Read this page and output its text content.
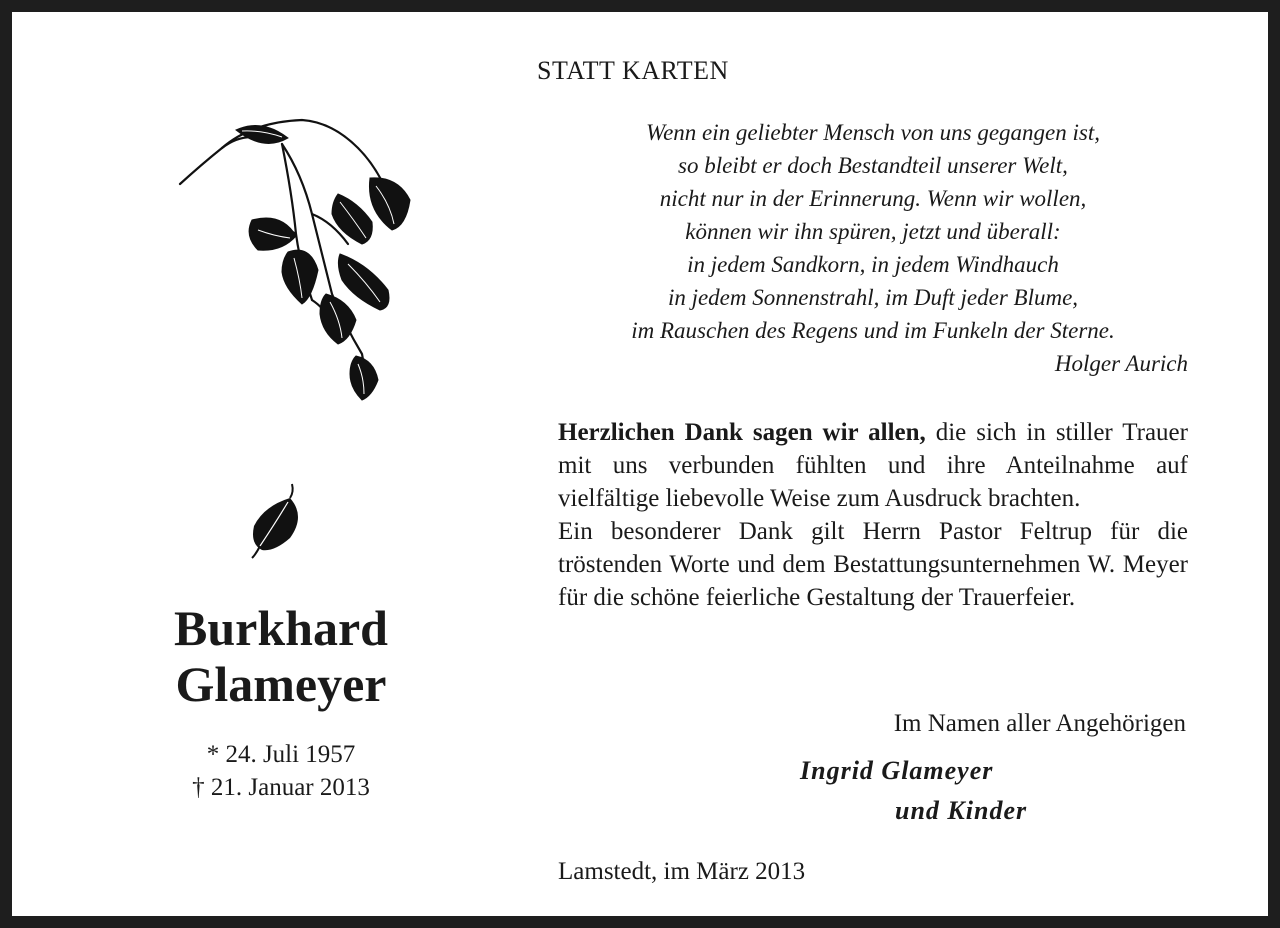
STATT KARTEN
Wenn ein geliebter Mensch von uns gegangen ist,
so bleibt er doch Bestandteil unserer Welt,
nicht nur in der Erinnerung. Wenn wir wollen,
können wir ihn spüren, jetzt und überall:
in jedem Sandkorn, in jedem Windhauch
in jedem Sonnenstrahl, im Duft jeder Blume,
im Rauschen des Regens und im Funkeln der Sterne.
Holger Aurich

Herzlichen Dank sagen wir allen, die sich in stiller Trauer mit uns verbunden fühlten und ihre Anteilnahme auf vielfältige liebevolle Weise zum Ausdruck brachten.

Ein besonderer Dank gilt Herrn Pastor Feltrup für die tröstenden Worte und dem Bestattungsunternehmen W. Meyer für die schöne feierliche Gestaltung der Trauerfeier.

Im Namen aller Angehörigen
Ingrid Glameyer
und Kinder
Lamstedt, im März 2013
Burkhard
Glameyer
* 24. Juli 1957
† 21. Januar 2013
